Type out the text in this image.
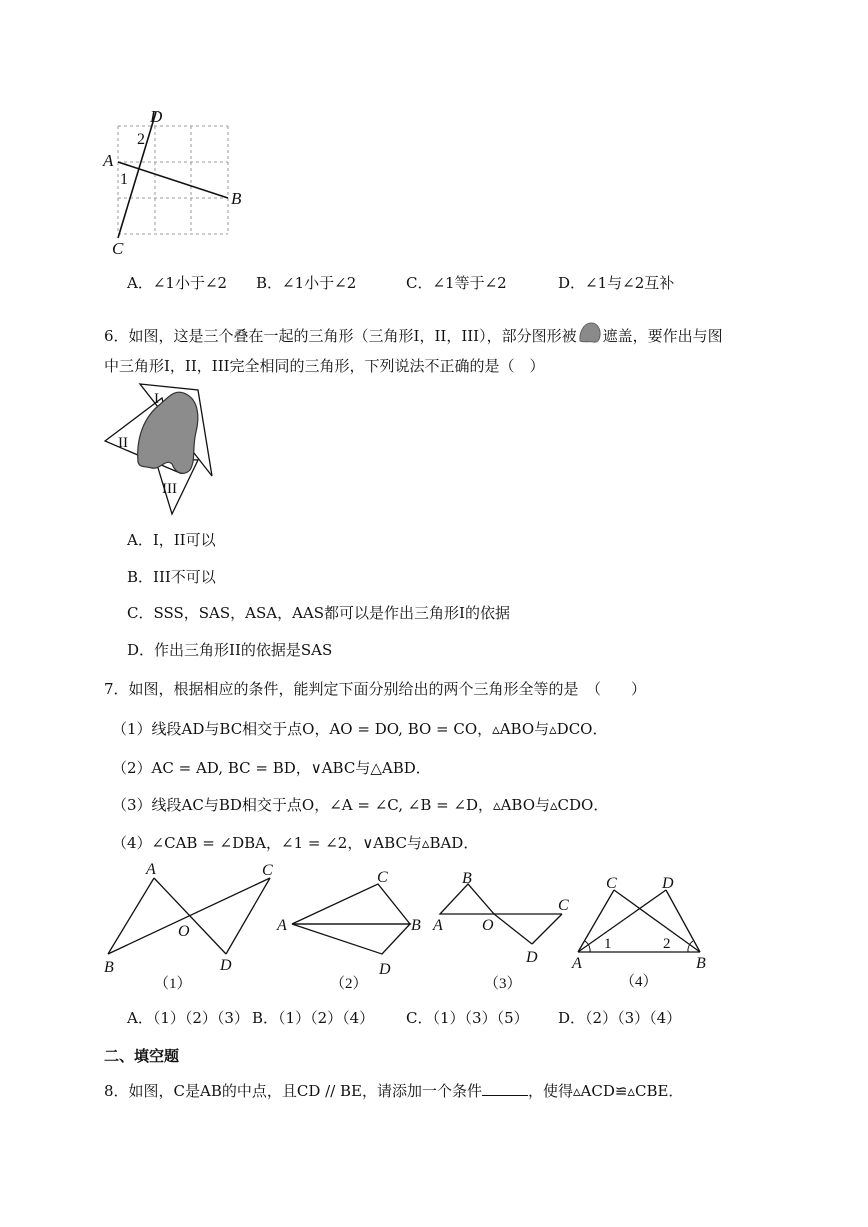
D
2
A
1
B
C
A．∠1小于∠2 B．∠1小于∠2	C．∠1等于∠2	D．∠1与∠2互补
6．如图，这是三个叠在一起的三角形（三角形I，II，III），部分图形被 遮盖，要作出与图
中三角形I，II，III完全相同的三角形，下列说法不正确的是（　）
I
II
III
A．I，II可以
B．III不可以
C．SSS，SAS，ASA，AAS都可以是作出三角形I的依据
D．作出三角形II的依据是SAS
7．如图，根据相应的条件，能判定下面分别给出的两个三角形全等的是　（　　）
（1）线段AD与BC相交于点O，AO = DO, BO = CO，▵ABO与▵DCO．
（2）AC = AD, BC = BD，∨ABC与△ABD．
（3）线段AC与BD相交于点O，∠A = ∠C, ∠B = ∠D，▵ABO与▵CDO．
（4）∠CAB = ∠DBA，∠1 = ∠2，∨ABC与▵BAD．
A	C
O
B	D
（1）
C
A	B
D
（2）
B
C
A O
D
（3）
C	D
1	2
A	B
（4）
A．（1）（2）（3） B．（1）（2）（4） C．（1）（3）（5） D．（2）（3）（4）
二、填空题
8．如图，C是AB的中点，且CD // BE，请添加一个条件	，使得▵ACD≌▵CBE．
